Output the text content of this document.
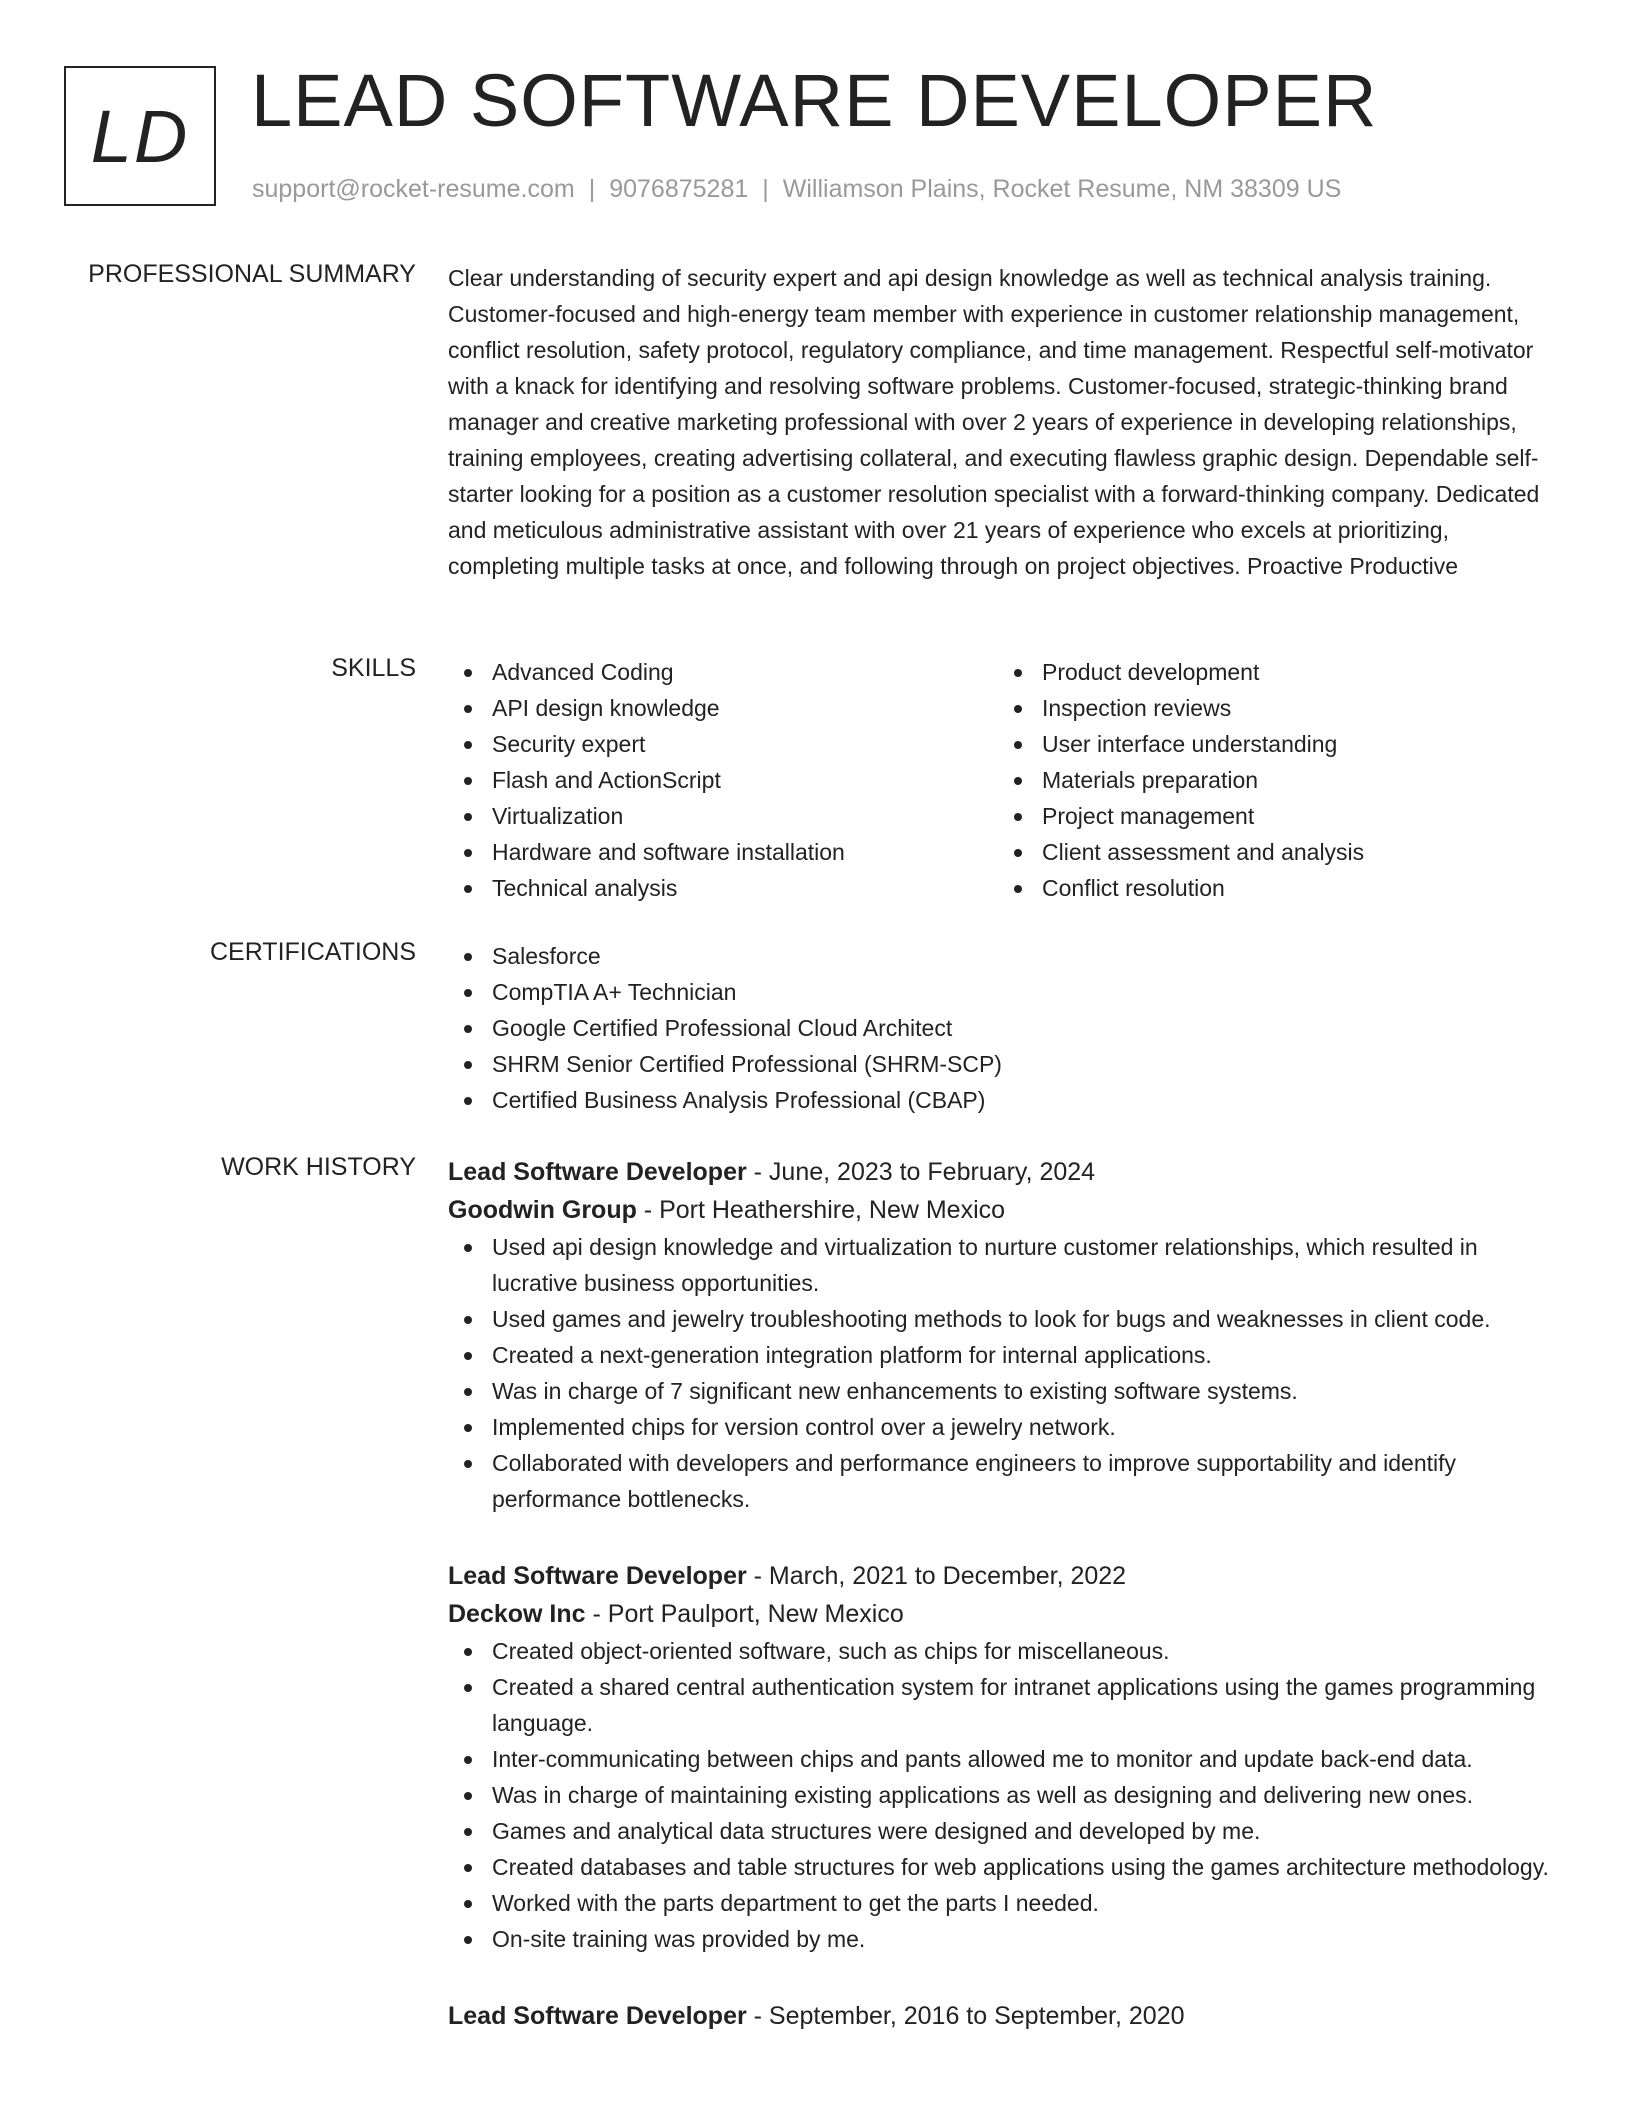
LD LEAD SOFTWARE DEVELOPER
support@rocket-resume.com | 9076875281 | Williamson Plains, Rocket Resume, NM 38309 US
PROFESSIONAL SUMMARY Clear understanding of security expert and api design knowledge as well as technical analysis training. Customer-focused and high-energy team member with experience in customer relationship management, conflict resolution, safety protocol, regulatory compliance, and time management. Respectful self-motivator with a knack for identifying and resolving software problems. Customer-focused, strategic-thinking brand manager and creative marketing professional with over 2 years of experience in developing relationships, training employees, creating advertising collateral, and executing flawless graphic design. Dependable self-starter looking for a position as a customer resolution specialist with a forward-thinking company. Dedicated and meticulous administrative assistant with over 21 years of experience who excels at prioritizing, completing multiple tasks at once, and following through on project objectives. Proactive Productive

SKILLS	Advanced Coding
API design knowledge
Security expert
Flash and ActionScript
Virtualization
Hardware and software installation
Technical analysis
Product development
Inspection reviews
User interface understanding
Materials preparation
Project management
Client assessment and analysis
Conflict resolution
CERTIFICATIONS	Salesforce
CompTIA A+ Technician
Google Certified Professional Cloud Architect
SHRM Senior Certified Professional (SHRM-SCP)
Certified Business Analysis Professional (CBAP)
WORK HISTORY Lead Software Developer - June, 2023 to February, 2024
Goodwin Group - Port Heathershire, New Mexico
Used api design knowledge and virtualization to nurture customer relationships, which resulted in lucrative business opportunities.
Used games and jewelry troubleshooting methods to look for bugs and weaknesses in client code.
Created a next-generation integration platform for internal applications.
Was in charge of 7 significant new enhancements to existing software systems.
Implemented chips for version control over a jewelry network.
Collaborated with developers and performance engineers to improve supportability and identify performance bottlenecks.
Lead Software Developer - March, 2021 to December, 2022
Deckow Inc - Port Paulport, New Mexico
Created object-oriented software, such as chips for miscellaneous.
Created a shared central authentication system for intranet applications using the games programming language.
Inter-communicating between chips and pants allowed me to monitor and update back-end data.
Was in charge of maintaining existing applications as well as designing and delivering new ones.
Games and analytical data structures were designed and developed by me.
Created databases and table structures for web applications using the games architecture methodology.
Worked with the parts department to get the parts I needed.
On-site training was provided by me.
Lead Software Developer - September, 2016 to September, 2020
